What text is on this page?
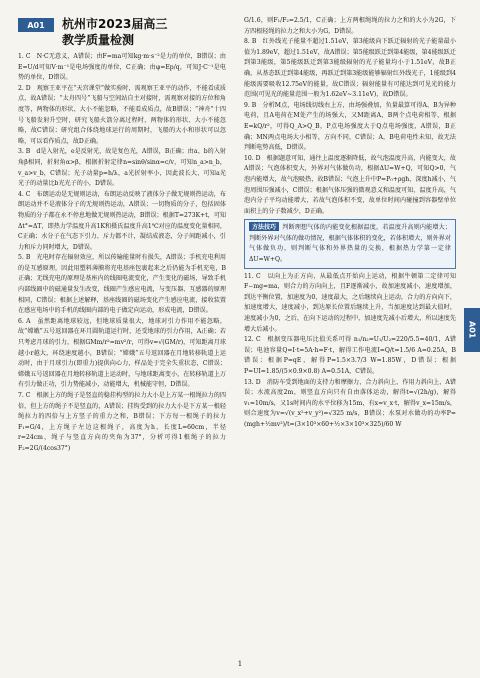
A01	杭州市2023届高三
教学质量检测

1. C　N·C无意义，A错误；由F=ma可知kg·m·s⁻²是力的单位，B错误；由E=U/d可知V·m⁻¹是电场强度的单位，C正确；由φ=Ep/q，可知J·C⁻¹是电势的单位，D错误。

2. D　观察王亚平在“天宫课堂”做实验时，需观察王亚平的动作，不能看成质点，故A错误；“太舟四号”飞船与空间站自主对接时，需观察对接的方位和角度等，两物体的形状、大小不能忽略，不能看成质点，故B错误；“神舟”十四号飞船发射升空时，研究飞船火箭分离过程时，两物体的形状、大小不能忽略，故C错误；研究组合体绕地球运行的周期时，飞船的大小和形状可以忽略，可以看作质点，故D正确。

3. B　d是入射光，e是反射光，故是复色光，A错误，B正确；由a、b的入射角β相同，折射角α>β，根据折射定律n=sinθ/sinα=c/v，可知n_a>n_b，v_a>v_b，C错误；光子动量p=h/λ，a光折射率小，因此波长大，可知a光光子的动量比b光光子的小，D错误。

4. C　布朗运动是无规则运动，布朗运动反映了液体分子做无规则热运动，布朗运动并不是液体分子的无规则热运动，A错误；一切物质的分子，包括固体物质的分子都在永不停息地做无规则热运动，B错误；根据T=273K+t，可知Δt°=ΔT，即热力学温度升高1K和摄氏温度升高1℃对应的温度变化量相同，C正确；水分子在气态下引力、斥力都不计，凝结成液态，分子间距减小，引力和斥力同时增大，D错误。

5. B　光电时存在辐射效应，所以传输能量时有损失，A错误；手机充电利用的是互感原理，因此用塑料薄膜将充电基座包裹起来之后仍能为手机充电，B正确；无线充电的原理是基座内的线圈电流变化，产生变化的磁场，导致手机内部线圈中的磁通量发生改变，线圈产生感应电流，与变压器、互感器的原理相同，C错误；根据上述解释，基座线圈的磁场变化产生感应电流，接收装置在感应电场中的手机的线圈内部的电子做定向运动，形成电流，D错误。

6. A　虽然距离地球较远，但地球质量很大，地球对引力作用不能忽略，故“嫦娥”五号返回器在环月圆轨道运行时，还受地球的引力作用，A正确；若只考虑月球的引力，根据GMm/r²=mv²/r，可得v=√(GM/r)，可知距离月球越小r越大，环绕速度越小，B错误；“嫦娥”五号返回器在月地转移轨道上运动时，由于月球引力(即重力)提供向心力，样品处于完全失重状态，C错误；嫦娥五号返回器在月地转移轨道上运动时，与地球距离变小，在转移轨道上万有引力做正功，引力势能减小，动能增大，机械能守恒，D错误。

7. C　根据上方的绳子是竖直的稳挂构型的拉力大小是上方某一根绳拉力的四倍，但上方的绳子不是竖直的，A错误；挂钩受到的拉力大小是下方某一根轻绳拉力的四倍与上方竖子的重力之和，B错误；下方每一根绳子的拉力F₁=G/4，上方绳子左边这根绳子，高度为h，长度L=60cm，半径r=24cm，绳子与竖直方向的夹角为37°，分析可得1根绳子的拉力F₂=2G/(4cos37°)

G/1.6，则F₁/F₂=2.5/1，C正确；上方两根绳绳的拉力之和的大小为2G，下方四根轻绳的拉力之和大小为G，D错误。

8. B　红外线光子能量不超过1.51eV，第3能级向下跃迁辐射的光子能量最小值为1.89eV，超过1.51eV，故A错误；第5能级跃迁到第4能级，第4能级跃迁到第3能级，第5能级跃迁到第3能级辐射的光子能量均小于1.51eV，故B正确，从基态跃迁到第4能级，再跃迁到第3能级能够辐射红外线光子，1能级到4能级需要吸收12.75eV的能量，故C错误；辐射能量有可能达到可见光的能力范围(可见光的能量范围一般为1.62eV~3.11eV)，故D错误。

9. B　分析M点，电场线切线右上方，由场强叠加，负量最算可得A、B为异种电荷，且A电荷在M处产生的场强大，又M距离A，B两个点电荷相等，根据E=kQ/r²，可得Q_A>Q_B，P点电场强度大于Q点电场强度，A错误，B正确；MN两点电场大小相等，方向不同，C错误；A，B电荷电性未知，故无法判断电势高低，D错误。

10. D　根据题意可知，通往上温度逐渐降低，故气泡温度升高，内能变大，故A错误；气泡体积变大，外界对气体做负功，根据ΔU=W+Q，可知Q>0，气泡内能增大，故气泡吸热，故B错误；气泡上升中P=P₀+ρgh，深度h减小，气泡周围压强减小，C错误；根据气体压强的微观意义和温度可知，温度升高，气泡内分子平均动能增大，若故气泡体积不变，故单位时间内碰撞到容器壁单位面积上的分子数减少，D正确。

方法技巧 判断理想气体的内能变化根据温度，若温度升高则内能增大；判断外界对气体的做功情况，根据气体体积的变化，若体积增大，则外界对气体做负功，则判断气体和外界热量的交换，根据热力学第一定律ΔU=W+Q。

11. C　以向上为正方向，从最低点开始向上运动，根据牛顿第二定律可知F−mg=ma，则合力的方向向上，且F逐渐减小，故加速度减小，速度增加，到达平衡位置，加速度为0，速度最大，之后继续向上运动，合力的方向向下，加速度增大，速度减小，到达原长位置后继续上升，当加速度达到最大值时，速度减小为0，之后，在向下运动的过程中，加速度先减小后增大，所以速度先增大后减小。

12. C　根据变压器电压比值关系可得 n₁/n₂=U₁/U₂=220/5.5=40/1，A错误；电池容量Q=I·t=5A·h=F·t，解得工作电流I=Q/t=1.5/6 A=0.25A，B错误；根据P=qE，解得P=1.5×3.7/3 W=1.85W，D错误；根据P=UI=1.85/(5×0.9×0.8) A=0.51A，C错误。

13. D　消防车受到地面的支持力和摩擦力，合力斜向上，作用力斜向上，A错误；水流高度2m，则竖直方向只有自由落体运动，解得t=√(2h/g)，解得v₁=10m/s，又1s时间内的水平位移为15m，有x=v_x·t，解得v_x=15m/s，则合速度为v=√(v_x²+v_y²)=√325 m/s，B错误；水泵对水做功的功率P=(mgh+½mv²)/t=(3×10³×60+½×3×10³×325)/60 W

A01
1
